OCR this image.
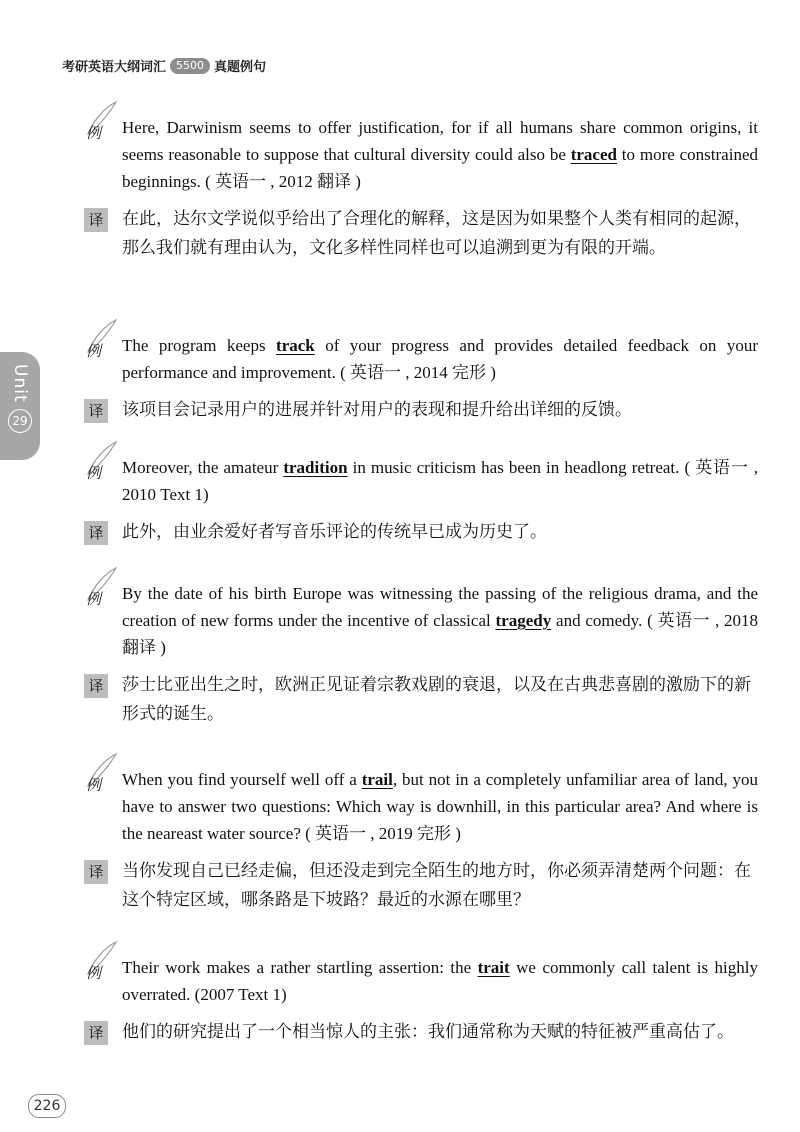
考研英语大纲词汇 5500 真题例句
Unit
29
例 Here, Darwinism seems to offer justification, for if all humans share common origins, it seems reasonable to suppose that cultural diversity could also be traced to more constrained beginnings. ( 英语一 , 2012 翻译 )
译 在此，达尔文学说似乎给出了合理化的解释，这是因为如果整个人类有相同的起源，那么我们就有理由认为，文化多样性同样也可以追溯到更为有限的开端。
例 The program keeps track of your progress and provides detailed feedback on your performance and improvement. ( 英语一 , 2014 完形 )
译 该项目会记录用户的进展并针对用户的表现和提升给出详细的反馈。
例 Moreover, the amateur tradition in music criticism has been in headlong retreat. ( 英语一 , 2010 Text 1)
译 此外，由业余爱好者写音乐评论的传统早已成为历史了。
例 By the date of his birth Europe was witnessing the passing of the religious drama, and the creation of new forms under the incentive of classical tragedy and comedy. ( 英语一 , 2018 翻译 )
译 莎士比亚出生之时，欧洲正见证着宗教戏剧的衰退，以及在古典悲喜剧的激励下的新形式的诞生。
例 When you find yourself well off a trail, but not in a completely unfamiliar area of land, you have to answer two questions: Which way is downhill, in this particular area? And where is the neareast water source? ( 英语一 , 2019 完形 )
译 当你发现自己已经走偏，但还没走到完全陌生的地方时，你必须弄清楚两个问题：在这个特定区域，哪条路是下坡路？最近的水源在哪里？
例 Their work makes a rather startling assertion: the trait we commonly call talent is highly overrated. (2007 Text 1)
译 他们的研究提出了一个相当惊人的主张：我们通常称为天赋的特征被严重高估了。
226
